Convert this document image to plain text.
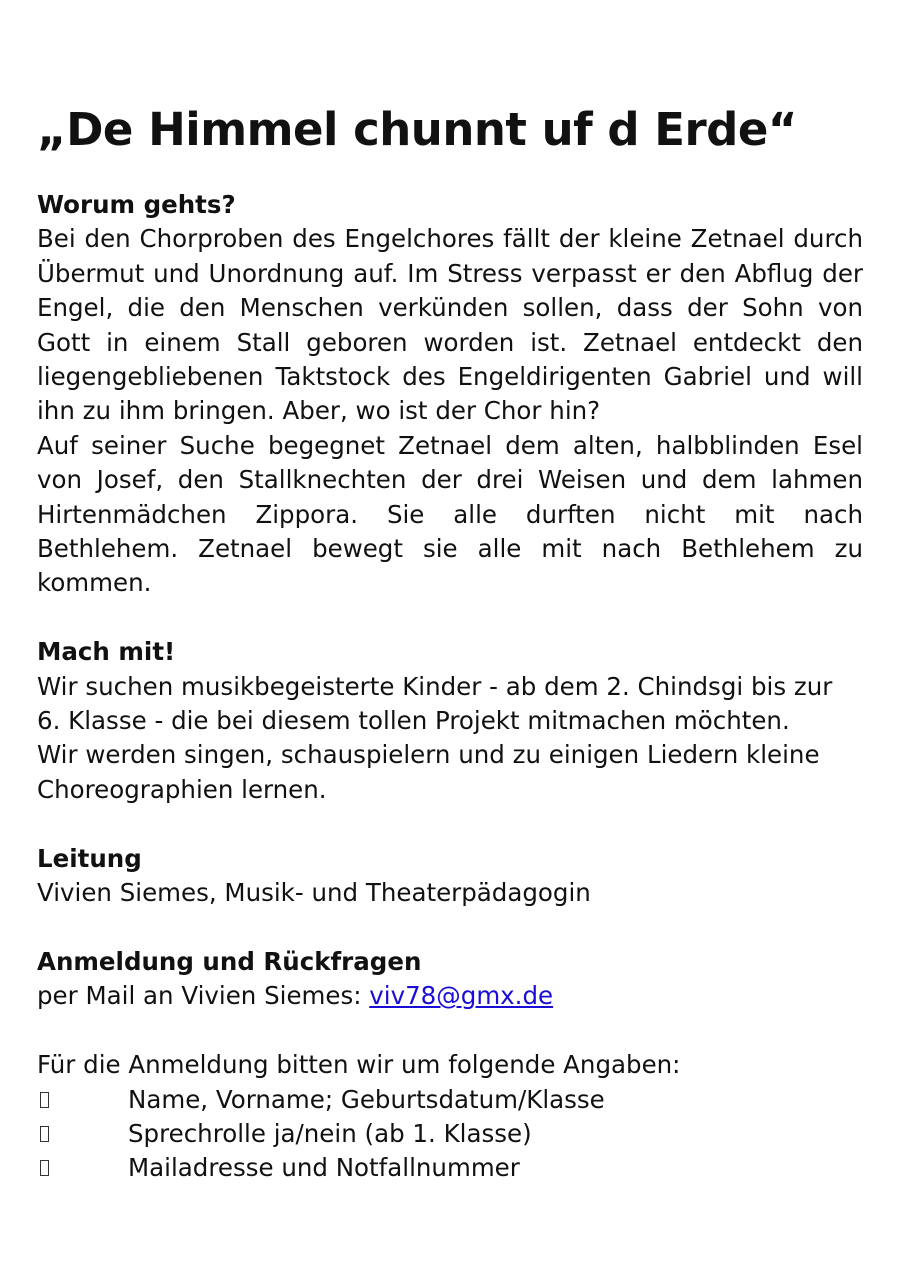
„De Himmel chunnt uf d Erde“
Worum gehts?
Bei den Chorproben des Engelchores fällt der kleine Zetnael durch Übermut und Unordnung auf. Im Stress verpasst er den Abflug der Engel, die den Menschen verkünden sollen, dass der Sohn von Gott in einem Stall geboren worden ist. Zetnael entdeckt den liegengebliebenen Taktstock des Engeldirigenten Gabriel und will ihn zu ihm bringen. Aber, wo ist der Chor hin?
Auf seiner Suche begegnet Zetnael dem alten, halbblinden Esel von Josef, den Stallknechten der drei Weisen und dem lahmen Hirtenmädchen Zippora. Sie alle durften nicht mit nach Bethlehem. Zetnael bewegt sie alle mit nach Bethlehem zu kommen.
Mach mit!
Wir suchen musikbegeisterte Kinder - ab dem 2. Chindsgi bis zur 6. Klasse - die bei diesem tollen Projekt mitmachen möchten.
Wir werden singen, schauspielern und zu einigen Liedern kleine Choreographien lernen.
Leitung
Vivien Siemes, Musik- und Theaterpädagogin
Anmeldung und Rückfragen
per Mail an Vivien Siemes: viv78@gmx.de
Für die Anmeldung bitten wir um folgende Angaben:
Name, Vorname; Geburtsdatum/Klasse
Sprechrolle ja/nein (ab 1. Klasse)
Mailadresse und Notfallnummer
